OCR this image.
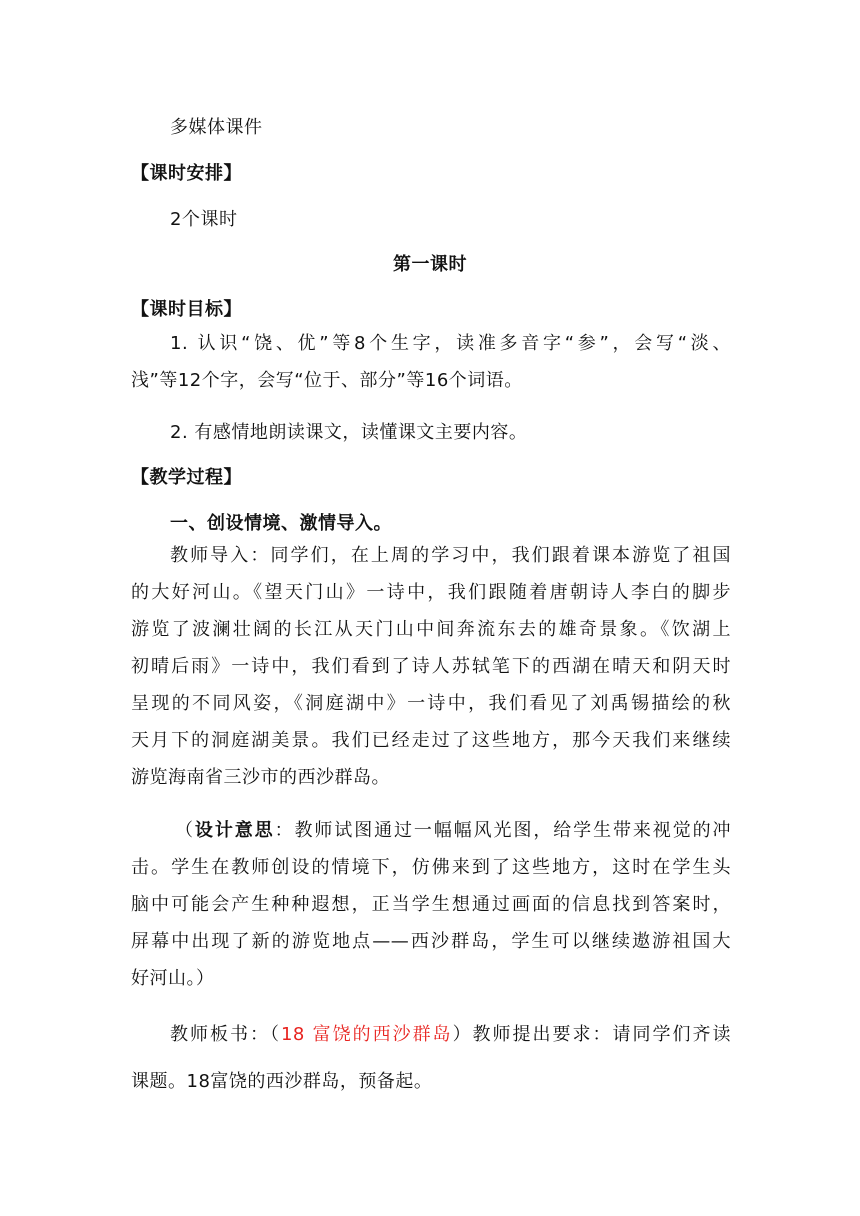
多媒体课件
【课时安排】
2个课时
第一课时
【课时目标】
1. 认识“饶、优”等8个生字，读准多音字“参”，会写“淡、
浅”等12个字，会写“位于、部分”等16个词语。
2. 有感情地朗读课文，读懂课文主要内容。
【教学过程】
一、创设情境、激情导入。
教师导入：同学们，在上周的学习中，我们跟着课本游览了祖国
的大好河山。《望天门山》一诗中，我们跟随着唐朝诗人李白的脚步
游览了波澜壮阔的长江从天门山中间奔流东去的雄奇景象。《饮湖上
初晴后雨》一诗中，我们看到了诗人苏轼笔下的西湖在晴天和阴天时
呈现的不同风姿，《洞庭湖中》一诗中，我们看见了刘禹锡描绘的秋
天月下的洞庭湖美景。我们已经走过了这些地方，那今天我们来继续
游览海南省三沙市的西沙群岛。
（设计意思：教师试图通过一幅幅风光图，给学生带来视觉的冲
击。学生在教师创设的情境下，仿佛来到了这些地方，这时在学生头
脑中可能会产生种种遐想，正当学生想通过画面的信息找到答案时，
屏幕中出现了新的游览地点——西沙群岛，学生可以继续遨游祖国大
好河山。）
教师板书：（18 富饶的西沙群岛）教师提出要求：请同学们齐读
课题。18富饶的西沙群岛，预备起。
